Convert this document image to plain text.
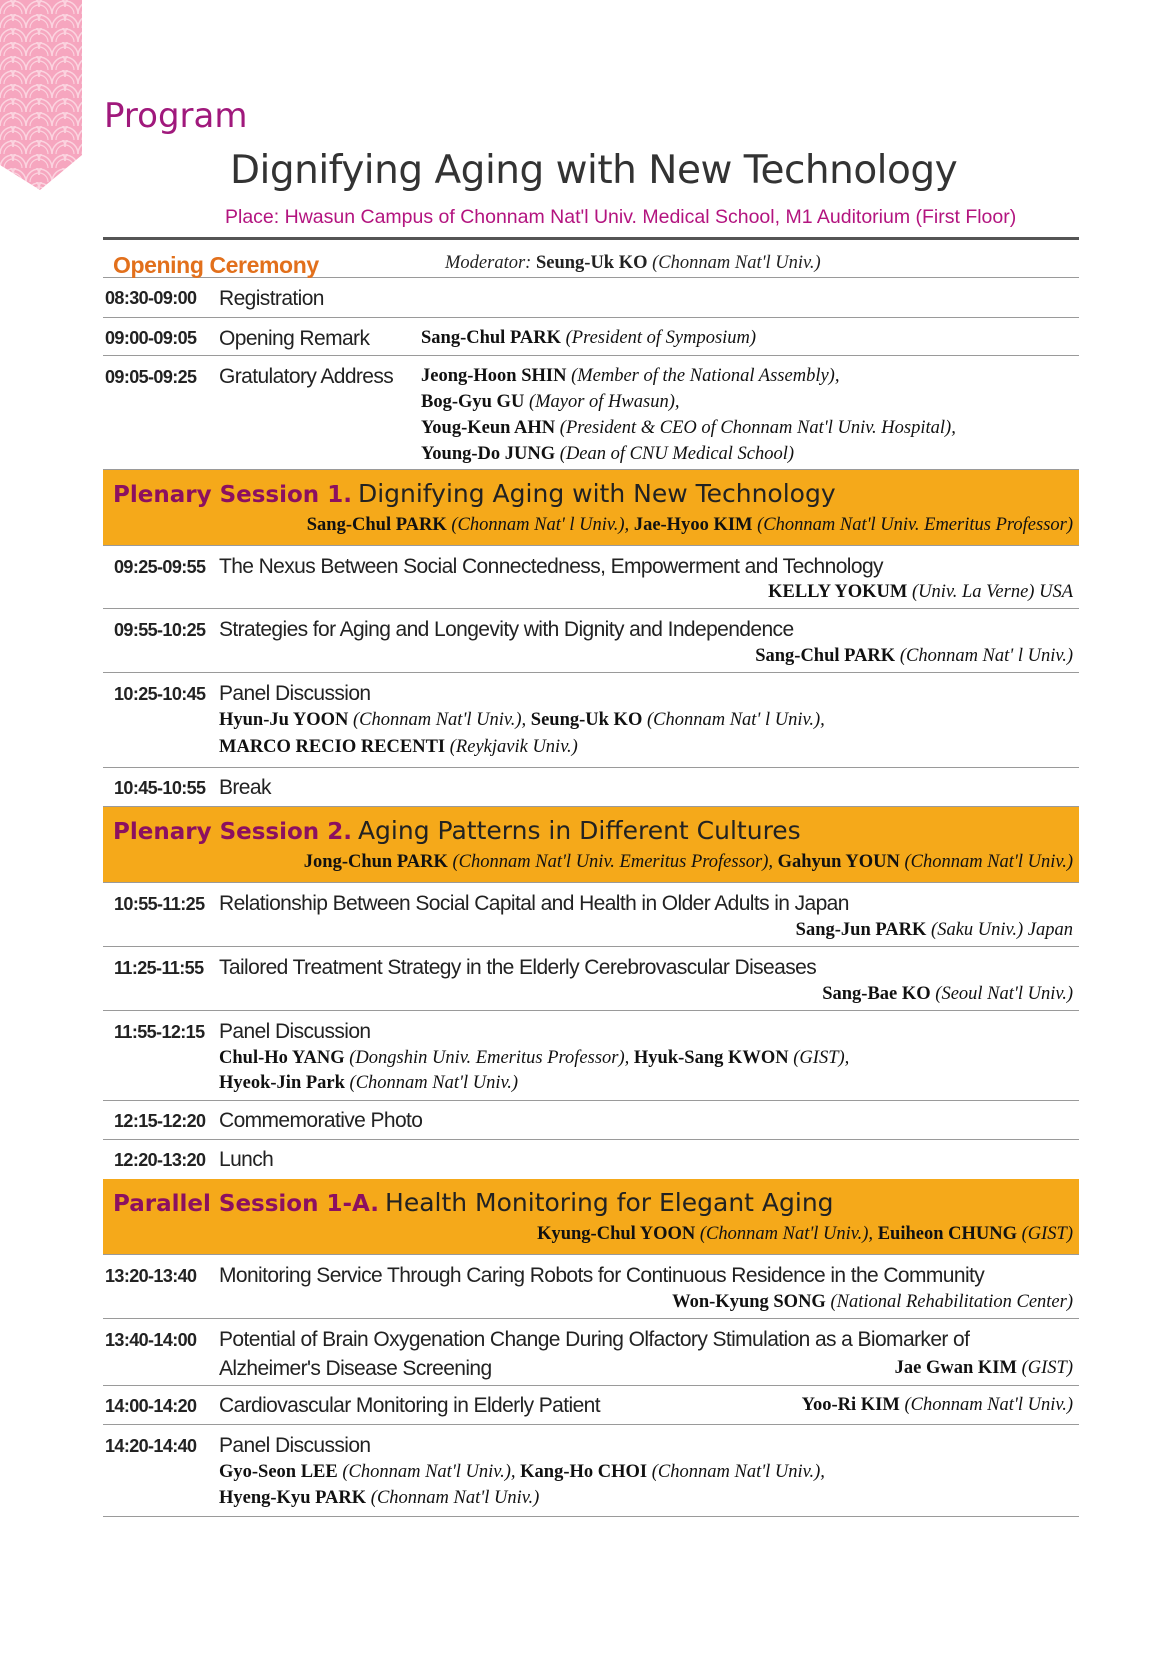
Program
Dignifying Aging with New Technology
Place: Hwasun Campus of Chonnam Nat'l Univ. Medical School, M1 Auditorium (First Floor)
Opening Ceremony	Moderator: Seung-Uk KO (Chonnam Nat'l Univ.)
08:30-09:00 Registration
09:00-09:05 Opening Remark	Sang-Chul PARK (President of Symposium)
09:05-09:25 Gratulatory Address Jeong-Hoon SHIN (Member of the National Assembly),
Bog-Gyu GU (Mayor of Hwasun),
Youg-Keun AHN (President & CEO of Chonnam Nat'l Univ. Hospital),
Young-Do JUNG (Dean of CNU Medical School)
Plenary Session 1. Dignifying Aging with New Technology
Sang-Chul PARK (Chonnam Nat' l Univ.), Jae-Hyoo KIM (Chonnam Nat'l Univ. Emeritus Professor)
09:25-09:55 The Nexus Between Social Connectedness, Empowerment and Technology
KELLY YOKUM (Univ. La Verne) USA
09:55-10:25 Strategies for Aging and Longevity with Dignity and Independence
Sang-Chul PARK (Chonnam Nat' l Univ.)
10:25-10:45 Panel Discussion
Hyun-Ju YOON (Chonnam Nat'l Univ.), Seung-Uk KO (Chonnam Nat' l Univ.),
MARCO RECIO RECENTI (Reykjavik Univ.)
10:45-10:55 Break
Plenary Session 2. Aging Patterns in Different Cultures
Jong-Chun PARK (Chonnam Nat'l Univ. Emeritus Professor), Gahyun YOUN (Chonnam Nat'l Univ.)
10:55-11:25 Relationship Between Social Capital and Health in Older Adults in Japan
Sang-Jun PARK (Saku Univ.) Japan
11:25-11:55 Tailored Treatment Strategy in the Elderly Cerebrovascular Diseases
Sang-Bae KO (Seoul Nat'l Univ.)
11:55-12:15 Panel Discussion
Chul-Ho YANG (Dongshin Univ. Emeritus Professor), Hyuk-Sang KWON (GIST),
Hyeok-Jin Park (Chonnam Nat'l Univ.)
12:15-12:20 Commemorative Photo
12:20-13:20 Lunch
Parallel Session 1-A. Health Monitoring for Elegant Aging
Kyung-Chul YOON (Chonnam Nat'l Univ.), Euiheon CHUNG (GIST)
13:20-13:40 Monitoring Service Through Caring Robots for Continuous Residence in the Community
Won-Kyung SONG (National Rehabilitation Center)
13:40-14:00 Potential of Brain Oxygenation Change During Olfactory Stimulation as a Biomarker of
Alzheimer's Disease Screening	Jae Gwan KIM (GIST)
14:00-14:20 Cardiovascular Monitoring in Elderly Patient	Yoo-Ri KIM (Chonnam Nat'l Univ.)
14:20-14:40 Panel Discussion
Gyo-Seon LEE (Chonnam Nat'l Univ.), Kang-Ho CHOI (Chonnam Nat'l Univ.),
Hyeng-Kyu PARK (Chonnam Nat'l Univ.)
